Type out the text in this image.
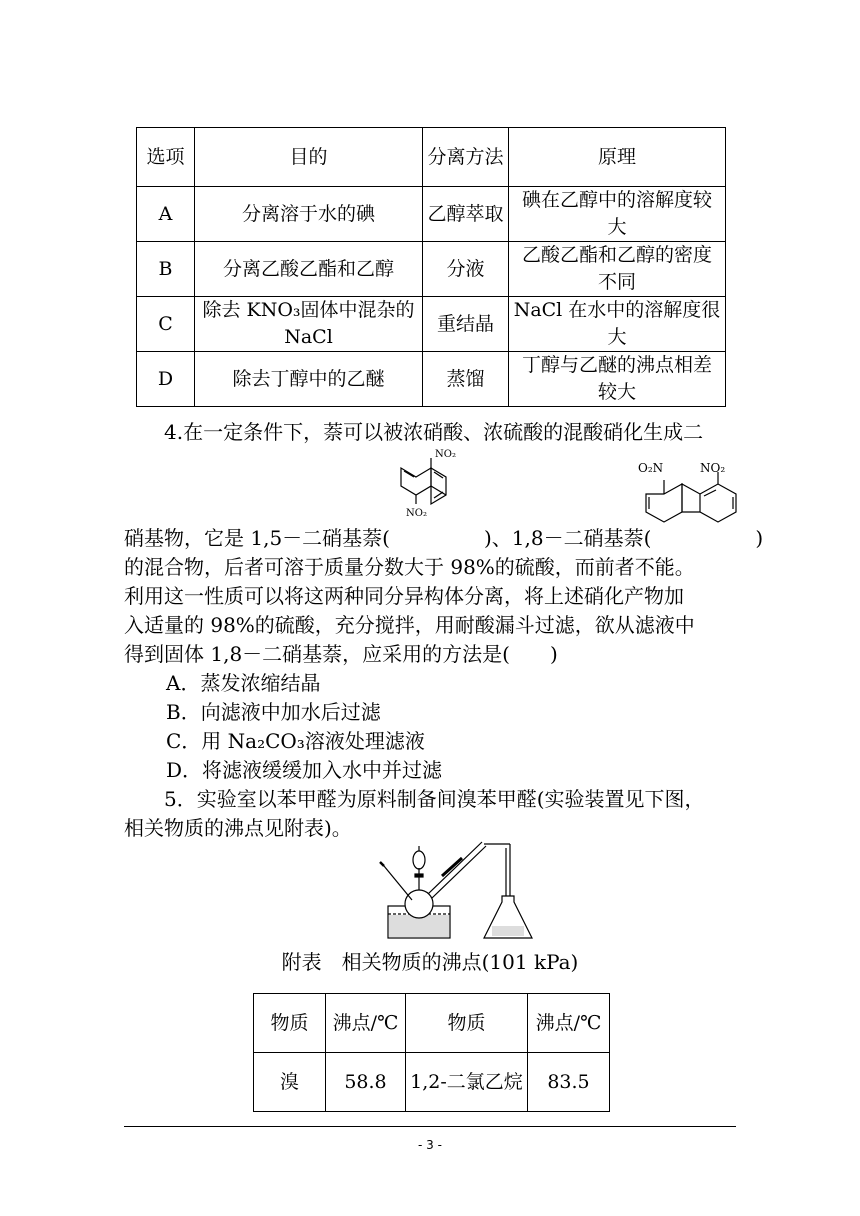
选项	目的	分离方法	原理
A	分离溶于水的碘	乙醇萃取	碘在乙醇中的溶解度较大
B	分离乙酸乙酯和乙醇	分液	乙酸乙酯和乙醇的密度不同
C	除去 KNO₃固体中混杂的 NaCl	重结晶	NaCl 在水中的溶解度很大
D	除去丁醇中的乙醚	蒸馏	丁醇与乙醚的沸点相差较大
4.在一定条件下，萘可以被浓硝酸、浓硫酸的混酸硝化生成二
NO₂
NO₂
O₂N	NO₂
硝基物，它是 1,5－二硝基萘(	)、1,8－二硝基萘(	)
的混合物，后者可溶于质量分数大于 98%的硫酸，而前者不能。
利用这一性质可以将这两种同分异构体分离，将上述硝化产物加
入适量的 98%的硫酸，充分搅拌，用耐酸漏斗过滤，欲从滤液中
得到固体 1,8－二硝基萘，应采用的方法是(　　)
A．蒸发浓缩结晶
B．向滤液中加水后过滤
C．用 Na₂CO₃溶液处理滤液
D．将滤液缓缓加入水中并过滤
5．实验室以苯甲醛为原料制备间溴苯甲醛(实验装置见下图，
相关物质的沸点见附表)。
附表　相关物质的沸点(101 kPa)
物质	沸点/℃	物质	沸点/℃
溴	58.8	1,2-二氯乙烷	83.5
- 3 -
